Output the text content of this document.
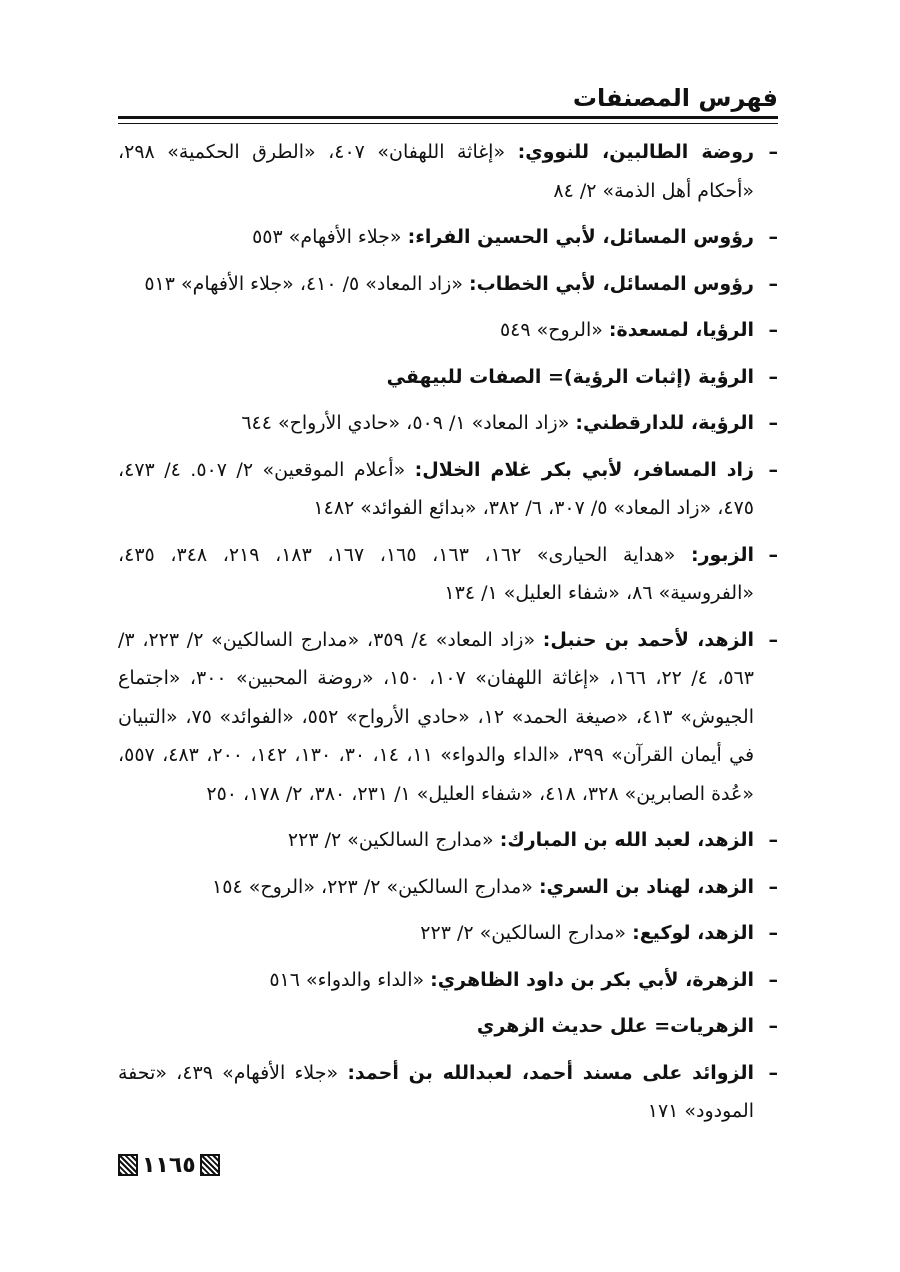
فهرس المصنفات
–
روضة الطالبين، للنووي: «إغاثة اللهفان» ٤٠٧، «الطرق الحكمية» ٢٩٨، «أحكام أهل الذمة» ٢/ ٨٤
–
رؤوس المسائل، لأبي الحسين الفراء: «جلاء الأفهام» ٥٥٣
–
رؤوس المسائل، لأبي الخطاب: «زاد المعاد» ٥/ ٤١٠، «جلاء الأفهام» ٥١٣
–
الرؤيا، لمسعدة: «الروح» ٥٤٩
–
الرؤية (إثبات الرؤية)= الصفات للبيهقي
–
الرؤية، للدارقطني: «زاد المعاد» ١/ ٥٠٩، «حادي الأرواح» ٦٤٤
–
زاد المسافر، لأبي بكر غلام الخلال: «أعلام الموقعين» ٢/ ٥٠٧. ٤/ ٤٧٣، ٤٧٥، «زاد المعاد» ٥/ ٣٠٧، ٦/ ٣٨٢، «بدائع الفوائد» ١٤٨٢
–
الزبور: «هداية الحيارى» ١٦٢، ١٦٣، ١٦٥، ١٦٧، ١٨٣، ٢١٩، ٣٤٨، ٤٣٥، «الفروسية» ٨٦، «شفاء العليل» ١/ ١٣٤
–
الزهد، لأحمد بن حنبل: «زاد المعاد» ٤/ ٣٥٩، «مدارج السالكين» ٢/ ٢٢٣، ٣/ ٥٦٣، ٤/ ٢٢، ١٦٦، «إغاثة اللهفان» ١٠٧، ١٥٠، «روضة المحبين» ٣٠٠، «اجتماع الجيوش» ٤١٣، «صيغة الحمد» ١٢، «حادي الأرواح» ٥٥٢، «الفوائد» ٧٥، «التبيان في أيمان القرآن» ٣٩٩، «الداء والدواء» ١١، ١٤، ٣٠، ١٣٠، ١٤٢، ٢٠٠، ٤٨٣، ٥٥٧، «عُدة الصابرين» ٣٢٨، ٤١٨، «شفاء العليل» ١/ ٢٣١، ٣٨٠، ٢/ ١٧٨، ٢٥٠
–
الزهد، لعبد الله بن المبارك: «مدارج السالكين» ٢/ ٢٢٣
–
الزهد، لهناد بن السري: «مدارج السالكين» ٢/ ٢٢٣، «الروح» ١٥٤
–
الزهد، لوكيع: «مدارج السالكين» ٢/ ٢٢٣
–
الزهرة، لأبي بكر بن داود الظاهري: «الداء والدواء» ٥١٦
–
الزهريات= علل حديث الزهري
–
الزوائد على مسند أحمد، لعبدالله بن أحمد: «جلاء الأفهام» ٤٣٩، «تحفة المودود» ١٧١
١١٦٥
